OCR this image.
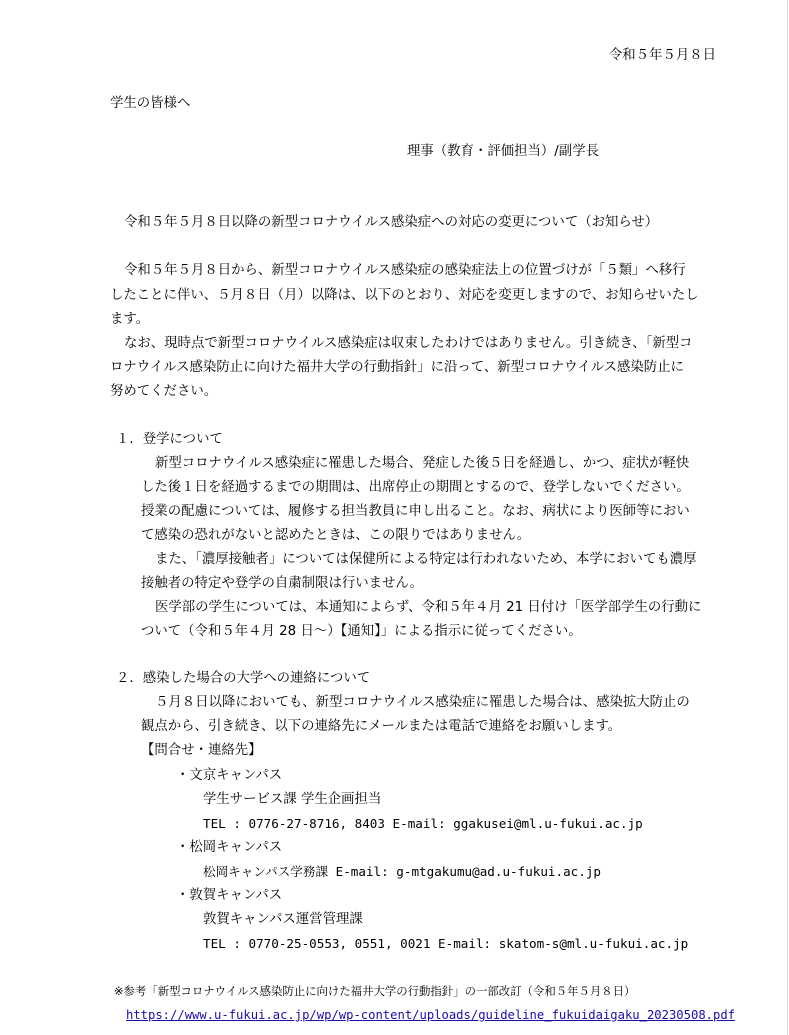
令和５年５月８日
学生の皆様へ
理事（教育・評価担当）/副学長
令和５年５月８日以降の新型コロナウイルス感染症への対応の変更について（お知らせ）
令和５年５月８日から、新型コロナウイルス感染症の感染症法上の位置づけが「５類」へ移行
したことに伴い、５月８日（月）以降は、以下のとおり、対応を変更しますので、お知らせいたし
ます。
なお、現時点で新型コロナウイルス感染症は収束したわけではありません。引き続き、「新型コ
ロナウイルス感染防止に向けた福井大学の行動指針」に沿って、新型コロナウイルス感染防止に
努めてください。
１．登学について
新型コロナウイルス感染症に罹患した場合、発症した後５日を経過し、かつ、症状が軽快
した後１日を経過するまでの期間は、出席停止の期間とするので、登学しないでください。
授業の配慮については、履修する担当教員に申し出ること。なお、病状により医師等におい
て感染の恐れがないと認めたときは、この限りではありません。
また、「濃厚接触者」については保健所による特定は行われないため、本学においても濃厚
接触者の特定や登学の自粛制限は行いません。
医学部の学生については、本通知によらず、令和５年４月 21 日付け「医学部学生の行動に
ついて（令和５年４月 28 日～）【通知】」による指示に従ってください。
２．感染した場合の大学への連絡について
５月８日以降においても、新型コロナウイルス感染症に罹患した場合は、感染拡大防止の
観点から、引き続き、以下の連絡先にメールまたは電話で連絡をお願いします。
【問合せ・連絡先】
・文京キャンパス
学生サービス課 学生企画担当
TEL : 0776-27-8716, 8403 E-mail: ggakusei@ml.u-fukui.ac.jp
・松岡キャンパス
松岡キャンパス学務課 E-mail: g-mtgakumu@ad.u-fukui.ac.jp
・敦賀キャンパス
敦賀キャンパス運営管理課
TEL : 0770-25-0553, 0551, 0021 E-mail: skatom-s@ml.u-fukui.ac.jp
※参考「新型コロナウイルス感染防止に向けた福井大学の行動指針」の一部改訂（令和５年５月８日）
https://www.u-fukui.ac.jp/wp/wp-content/uploads/guideline_fukuidaigaku_20230508.pdf
